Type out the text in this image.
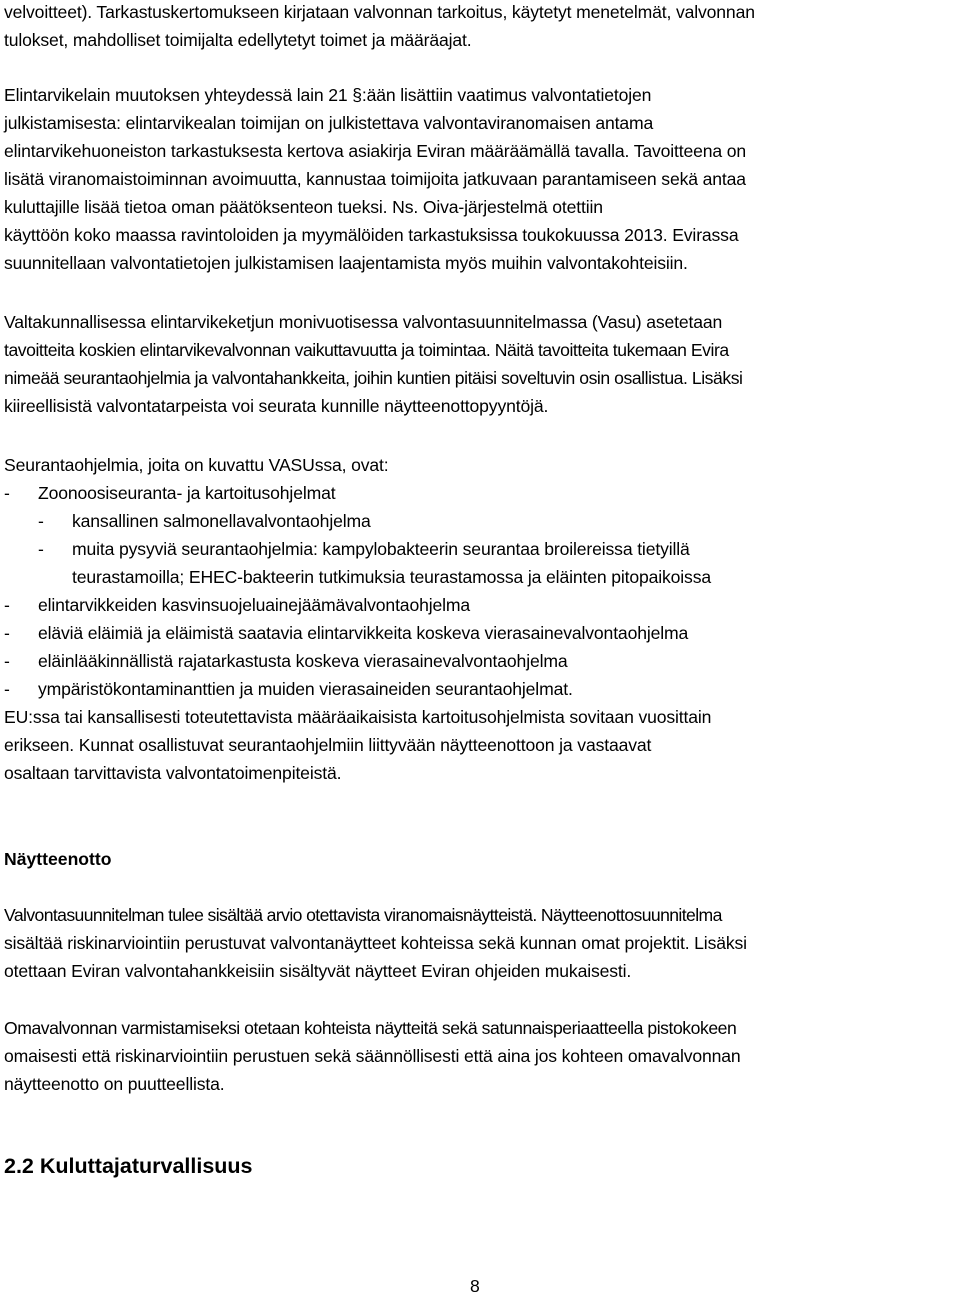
velvoitteet). Tarkastuskertomukseen kirjataan valvonnan tarkoitus, käytetyt menetelmät, valvonnan
tulokset, mahdolliset toimijalta edellytetyt toimet ja määräajat.
Elintarvikelain muutoksen yhteydessä lain 21 §:ään lisättiin vaatimus valvontatietojen
julkistamisesta: elintarvikealan toimijan on julkistettava valvontaviranomaisen antama
elintarvikehuoneiston tarkastuksesta kertova asiakirja Eviran määräämällä tavalla. Tavoitteena on
lisätä viranomaistoiminnan avoimuutta, kannustaa toimijoita jatkuvaan parantamiseen sekä antaa
kuluttajille lisää tietoa oman päätöksenteon tueksi. Ns. Oiva-järjestelmä otettiin
käyttöön koko maassa ravintoloiden ja myymälöiden tarkastuksissa toukokuussa 2013. Evirassa
suunnitellaan valvontatietojen julkistamisen laajentamista myös muihin valvontakohteisiin.
Valtakunnallisessa elintarvikeketjun monivuotisessa valvontasuunnitelmassa (Vasu) asetetaan
tavoitteita koskien elintarvikevalvonnan vaikuttavuutta ja toimintaa. Näitä tavoitteita tukemaan Evira
nimeää seurantaohjelmia ja valvontahankkeita, joihin kuntien pitäisi soveltuvin osin osallistua. Lisäksi
kiireellisistä valvontatarpeista voi seurata kunnille näytteenottopyyntöjä.
Seurantaohjelmia, joita on kuvattu VASUssa, ovat:
- Zoonoosiseuranta- ja kartoitusohjelmat
- kansallinen salmonellavalvontaohjelma
- muita pysyviä seurantaohjelmia: kampylobakteerin seurantaa broilereissa tietyillä
teurastamoilla; EHEC-bakteerin tutkimuksia teurastamossa ja eläinten pitopaikoissa
- elintarvikkeiden kasvinsuojeluainejäämävalvontaohjelma
- eläviä eläimiä ja eläimistä saatavia elintarvikkeita koskeva vierasainevalvontaohjelma
- eläinlääkinnällistä rajatarkastusta koskeva vierasainevalvontaohjelma
- ympäristökontaminanttien ja muiden vierasaineiden seurantaohjelmat.
EU:ssa tai kansallisesti toteutettavista määräaikaisista kartoitusohjelmista sovitaan vuosittain
erikseen. Kunnat osallistuvat seurantaohjelmiin liittyvään näytteenottoon ja vastaavat
osaltaan tarvittavista valvontatoimenpiteistä.
Näytteenotto
Valvontasuunnitelman tulee sisältää arvio otettavista viranomaisnäytteistä. Näytteenottosuunnitelma
sisältää riskinarviointiin perustuvat valvontanäytteet kohteissa sekä kunnan omat projektit. Lisäksi
otettaan Eviran valvontahankkeisiin sisältyvät näytteet Eviran ohjeiden mukaisesti.
Omavalvonnan varmistamiseksi otetaan kohteista näytteitä sekä satunnaisperiaatteella pistokokeen
omaisesti että riskinarviointiin perustuen sekä säännöllisesti että aina jos kohteen omavalvonnan
näytteenotto on puutteellista.
2.2 Kuluttajaturvallisuus
8
